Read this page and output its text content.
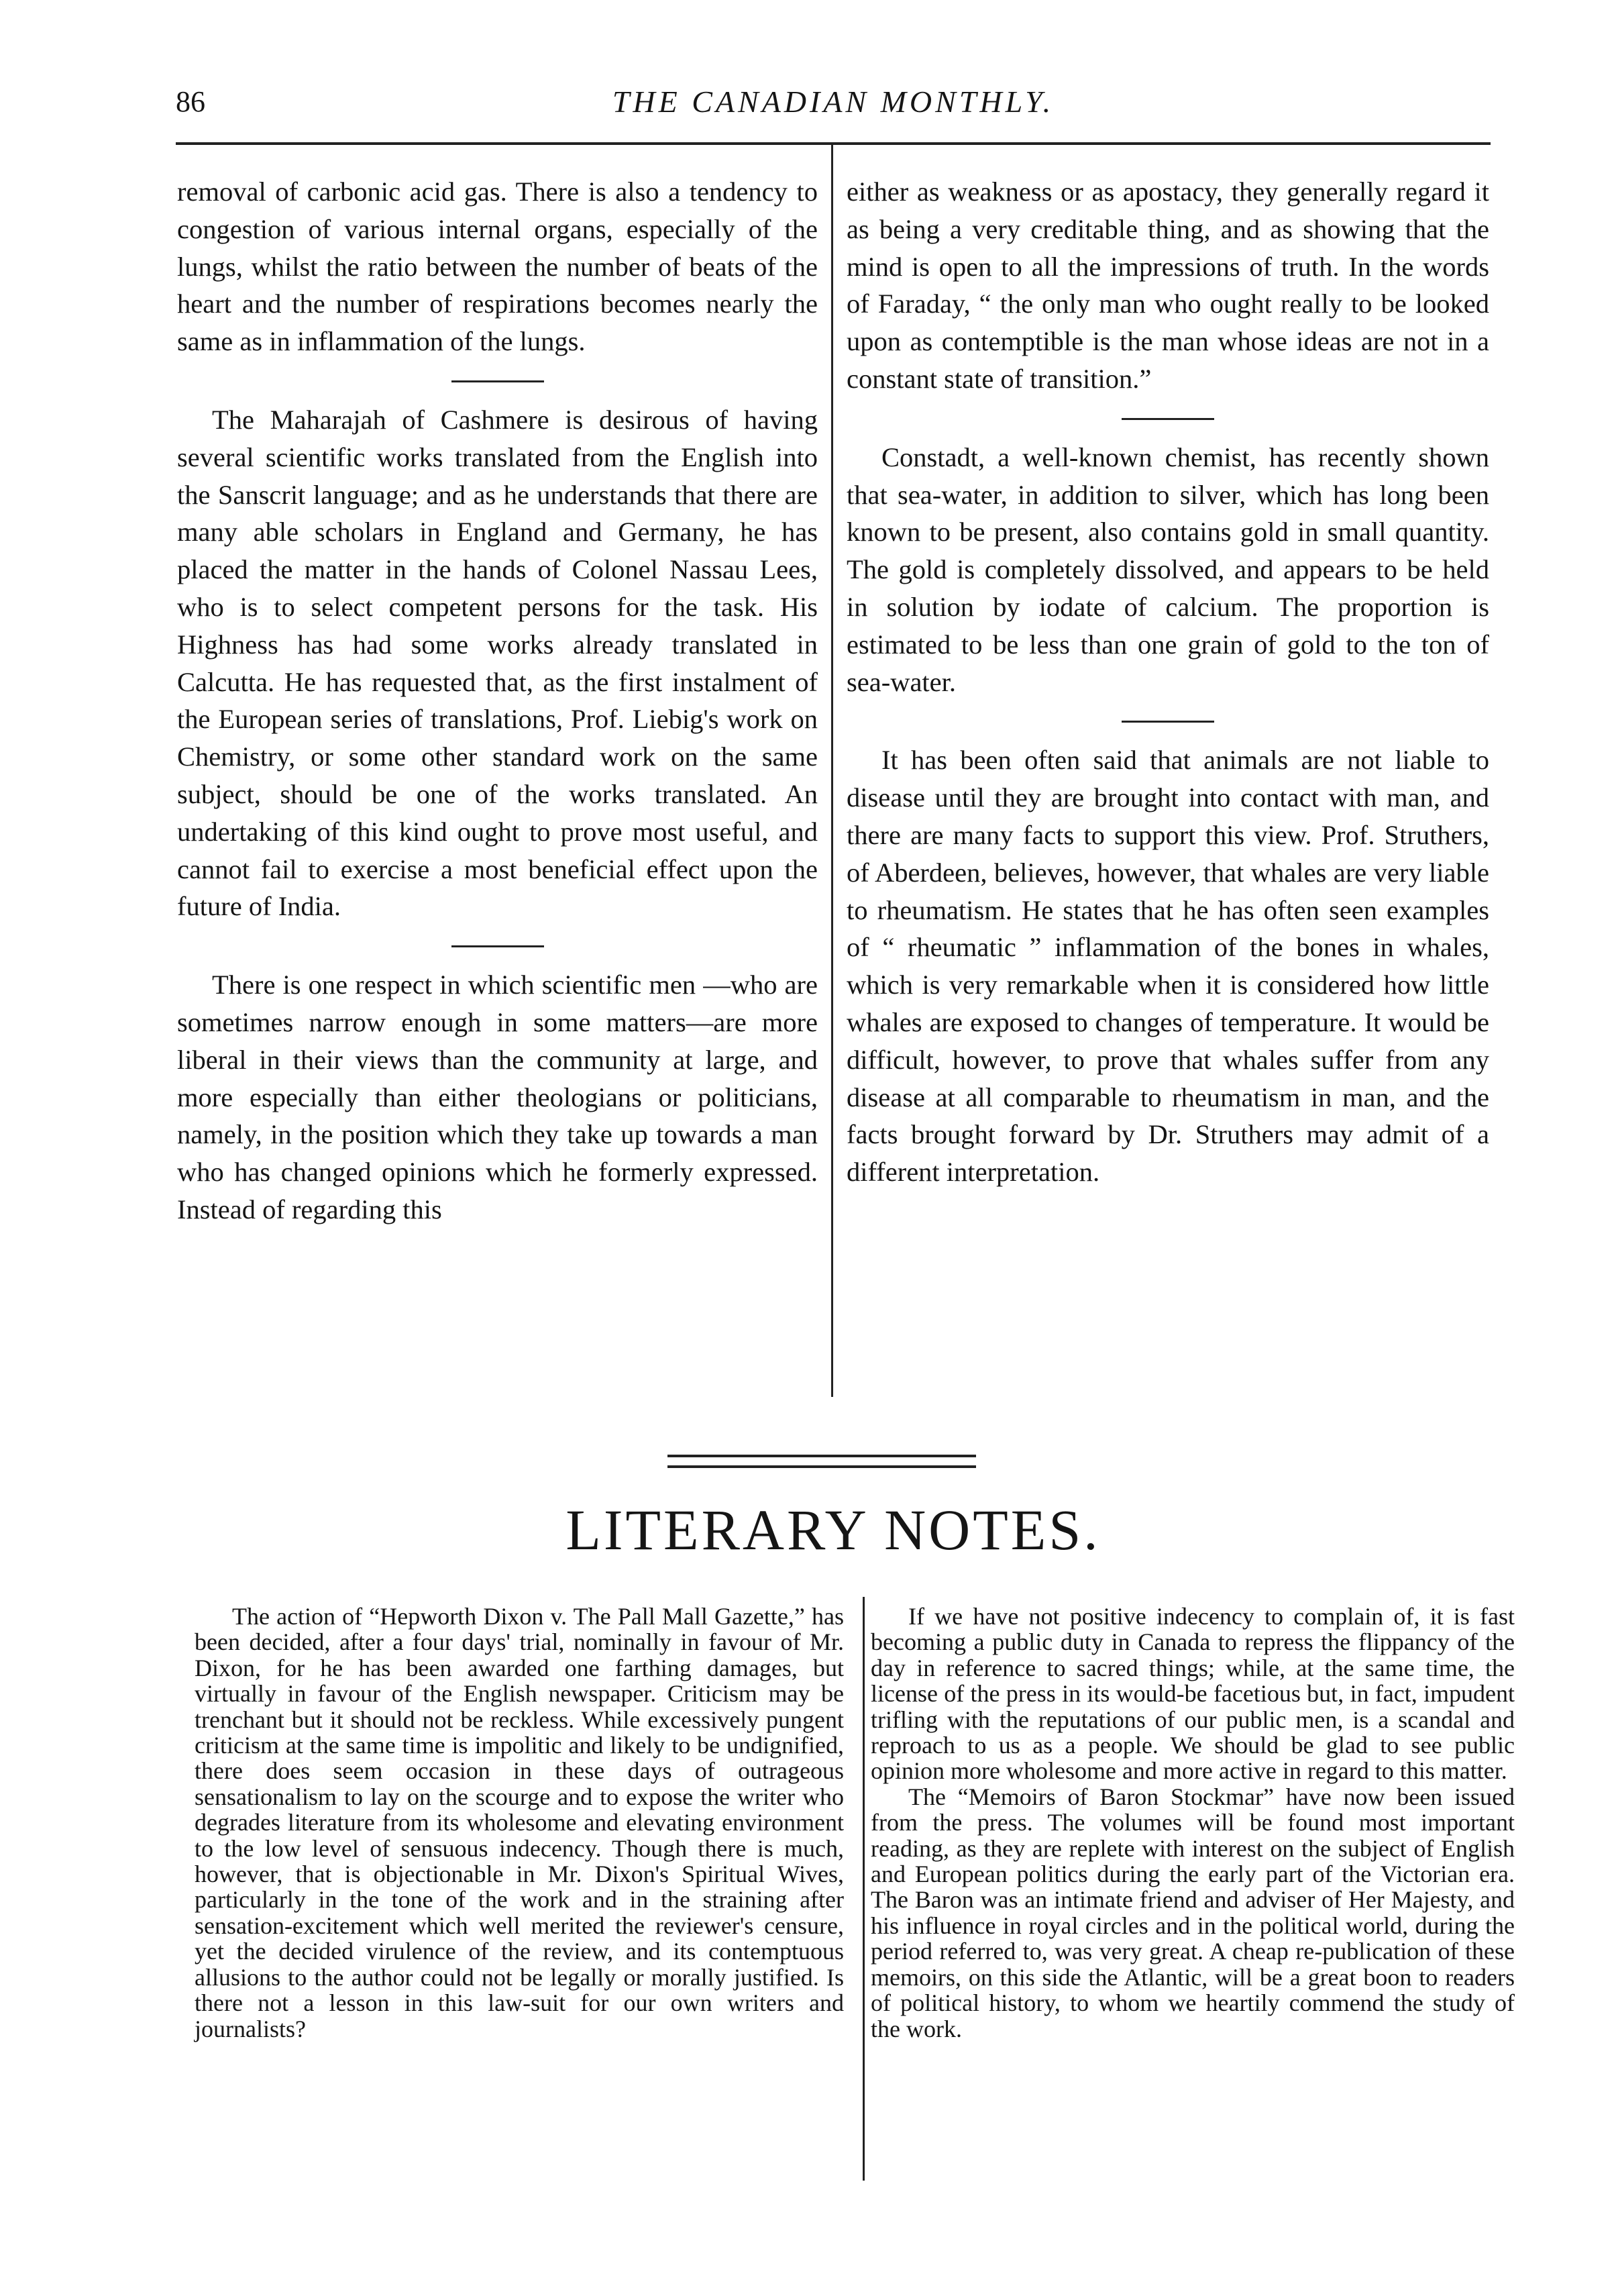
86	THE CANADIAN MONTHLY.

removal of carbonic acid gas. There is also a tendency to congestion of various internal organs, especially of the lungs, whilst the ratio between the number of beats of the heart and the number of respirations becomes nearly the same as in inflammation of the lungs.

The Maharajah of Cashmere is desirous of having several scientific works translated from the English into the Sanscrit language; and as he understands that there are many able scholars in England and Germany, he has placed the matter in the hands of Colonel Nassau Lees, who is to select competent persons for the task. His Highness has had some works already translated in Calcutta. He has requested that, as the first instalment of the European series of translations, Prof. Liebig's work on Chemistry, or some other standard work on the same subject, should be one of the works translated. An undertaking of this kind ought to prove most useful, and cannot fail to exercise a most beneficial effect upon the future of India.

There is one respect in which scientific men —who are sometimes narrow enough in some matters—are more liberal in their views than the community at large, and more especially than either theologians or politicians, namely, in the position which they take up towards a man who has changed opinions which he formerly expressed. Instead of regarding this

either as weakness or as apostacy, they generally regard it as being a very creditable thing, and as showing that the mind is open to all the impressions of truth. In the words of Faraday, “ the only man who ought really to be looked upon as contemptible is the man whose ideas are not in a constant state of transition.”

Constadt, a well-known chemist, has recently shown that sea-water, in addition to silver, which has long been known to be present, also contains gold in small quantity. The gold is completely dissolved, and appears to be held in solution by iodate of calcium. The proportion is estimated to be less than one grain of gold to the ton of sea-water.

It has been often said that animals are not liable to disease until they are brought into contact with man, and there are many facts to support this view. Prof. Struthers, of Aberdeen, believes, however, that whales are very liable to rheumatism. He states that he has often seen examples of “ rheumatic ” inflammation of the bones in whales, which is very remarkable when it is considered how little whales are exposed to changes of temperature. It would be difficult, however, to prove that whales suffer from any disease at all comparable to rheumatism in man, and the facts brought forward by Dr. Struthers may admit of a different interpretation.

LITERARY NOTES.

The action of “Hepworth Dixon v. The Pall Mall Gazette,” has been decided, after a four days' trial, nominally in favour of Mr. Dixon, for he has been awarded one farthing damages, but virtually in favour of the English newspaper. Criticism may be trenchant but it should not be reckless. While excessively pungent criticism at the same time is impolitic and likely to be undignified, there does seem occasion in these days of outrageous sensationalism to lay on the scourge and to expose the writer who degrades literature from its wholesome and elevating environment to the low level of sensuous indecency. Though there is much, however, that is objectionable in Mr. Dixon's Spiritual Wives, particularly in the tone of the work and in the straining after sensation-excitement which well merited the reviewer's censure, yet the decided virulence of the review, and its contemptuous allusions to the author could not be legally or morally justified. Is there not a lesson in this law-suit for our own writers and journalists?

If we have not positive indecency to complain of, it is fast becoming a public duty in Canada to repress the flippancy of the day in reference to sacred things; while, at the same time, the license of the press in its would-be facetious but, in fact, impudent trifling with the reputations of our public men, is a scandal and reproach to us as a people. We should be glad to see public opinion more wholesome and more active in regard to this matter.

The “Memoirs of Baron Stockmar” have now been issued from the press. The volumes will be found most important reading, as they are replete with interest on the subject of English and European politics during the early part of the Victorian era. The Baron was an intimate friend and adviser of Her Majesty, and his influence in royal circles and in the political world, during the period referred to, was very great. A cheap re-publication of these memoirs, on this side the Atlantic, will be a great boon to readers of political history, to whom we heartily commend the study of the work.
